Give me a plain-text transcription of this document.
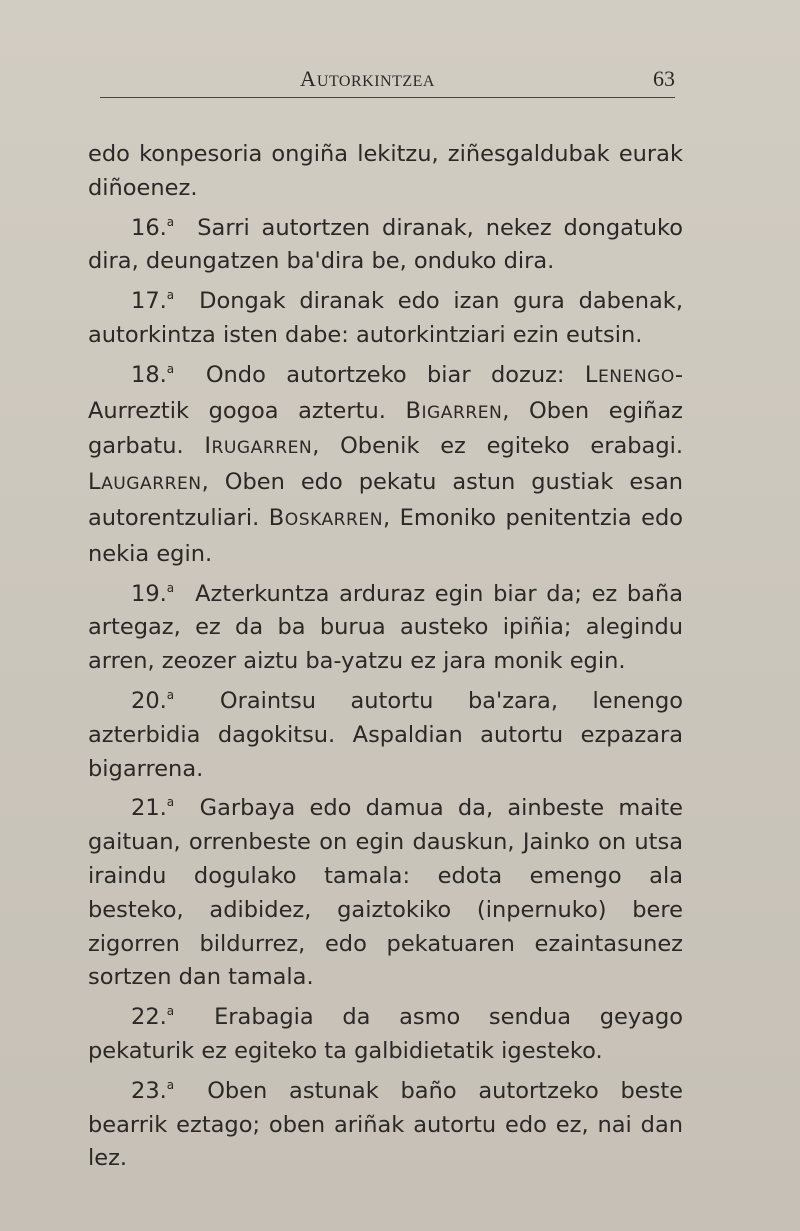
AUTORKINTZEA	63

edo konpesoria ongiña lekitzu, ziñesgaldubak eurak diñoenez.

16.$^a$  Sarri autortzen diranak, nekez dongatuko dira, deungatzen ba'dira be, onduko dira.

17.$^a$  Dongak diranak edo izan gura dabenak, autorkintza isten dabe: autorkintziari ezin eutsin.

18.$^a$  Ondo autortzeko biar dozuz: LENENGO-Aurreztik gogoa aztertu. BIGARREN, Oben egiñaz garbatu. IRUGARREN, Obenik ez egiteko erabagi. LAUGARREN, Oben edo pekatu astun gustiak esan autorentzuliari. BOSKARREN, Emoniko penitentzia edo nekia egin.

19.$^a$  Azterkuntza arduraz egin biar da; ez baña artegaz, ez da ba burua austeko ipiñia; alegindu arren, zeozer aiztu ba-yatzu ez jara monik egin.

20.$^a$  Oraintsu autortu ba'zara, lenengo azterbidia dagokitsu. Aspaldian autortu ezpazara bigarrena.

21.$^a$  Garbaya edo damua da, ainbeste maite gaituan, orrenbeste on egin dauskun, Jainko on utsa iraindu dogulako tamala: edota emengo ala besteko, adibidez, gaiztokiko (inpernuko) bere zigorren bildurrez, edo pekatuaren ezaintasunez sortzen dan tamala.

22.$^a$  Erabagia da asmo sendua geyago pekaturik ez egiteko ta galbidietatik igesteko.

23.$^a$  Oben astunak baño autortzeko beste bearrik eztago; oben ariñak autortu edo ez, nai dan lez.
